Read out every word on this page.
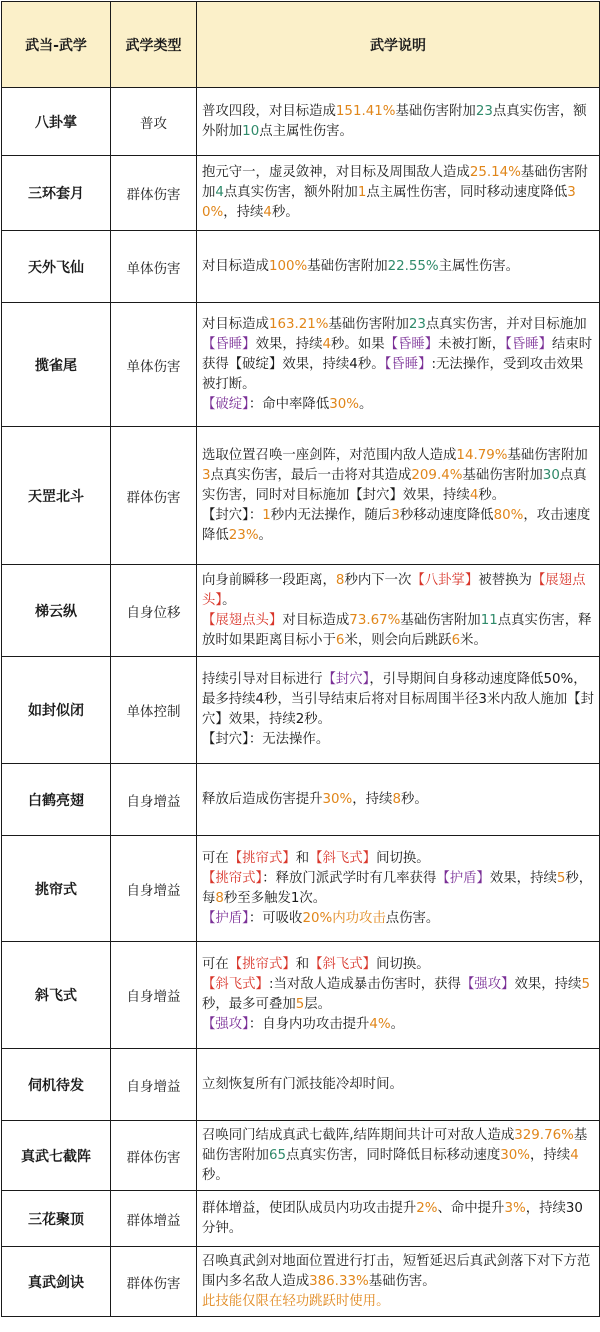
武当-武学	武学类型	武学说明
八卦掌	普攻	普攻四段，对目标造成151.41%基础伤害附加23点真实伤害，额外附加10点主属性伤害。

三环套月	群体伤害	抱元守一，虚灵敛神，对目标及周围敌人造成25.14%基础伤害附加4点真实伤害，额外附加1点主属性伤害，同时移动速度降低30%，持续4秒。

天外飞仙	单体伤害	对目标造成100%基础伤害附加22.55%主属性伤害。

揽雀尾	单体伤害	对目标造成163.21%基础伤害附加23点真实伤害，并对目标施加【昏睡】效果，持续4秒。如果【昏睡】未被打断，【昏睡】结束时获得【破绽】效果，持续4秒。【昏睡】:无法操作，受到攻击效果被打断。
【破绽】：命中率降低30%。

天罡北斗	群体伤害	选取位置召唤一座剑阵，对范围内敌人造成14.79%基础伤害附加3点真实伤害，最后一击将对其造成209.4%基础伤害附加30点真实伤害，同时对目标施加【封穴】效果，持续4秒。
【封穴】：1秒内无法操作，随后3秒移动速度降低80%，攻击速度降低23%。

梯云纵	自身位移	向身前瞬移一段距离，8秒内下一次【八卦掌】被替换为【展翅点头】。
【展翅点头】对目标造成73.67%基础伤害附加11点真实伤害，释放时如果距离目标小于6米，则会向后跳跃6米。

如封似闭	单体控制	持续引导对目标进行【封穴】，引导期间自身移动速度降低50%，最多持续4秒，当引导结束后将对目标周围半径3米内敌人施加【封穴】效果，持续2秒。
【封穴】：无法操作。

白鹤亮翅	自身增益	释放后造成伤害提升30%，持续8秒。

挑帘式	自身增益	可在【挑帘式】和【斜飞式】间切换。
【挑帘式】：释放门派武学时有几率获得【护盾】效果，持续5秒，每8秒至多触发1次。
【护盾】：可吸收20%内功攻击点伤害。

斜飞式	自身增益	可在【挑帘式】和【斜飞式】间切换。
【斜飞式】:当对敌人造成暴击伤害时，获得【强攻】效果，持续5秒，最多可叠加5层。
【强攻】：自身内功攻击提升4%。

伺机待发	自身增益	立刻恢复所有门派技能冷却时间。

真武七截阵	群体伤害	召唤同门结成真武七截阵,结阵期间共计可对敌人造成329.76%基础伤害附加65点真实伤害，同时降低目标移动速度30%，持续4秒。

三花聚顶	群体增益	群体增益，使团队成员内功攻击提升2%、命中提升3%，持续30分钟。

真武剑诀	群体伤害	召唤真武剑对地面位置进行打击，短暂延迟后真武剑落下对下方范围内多名敌人造成386.33%基础伤害。
此技能仅限在轻功跳跃时使用。
